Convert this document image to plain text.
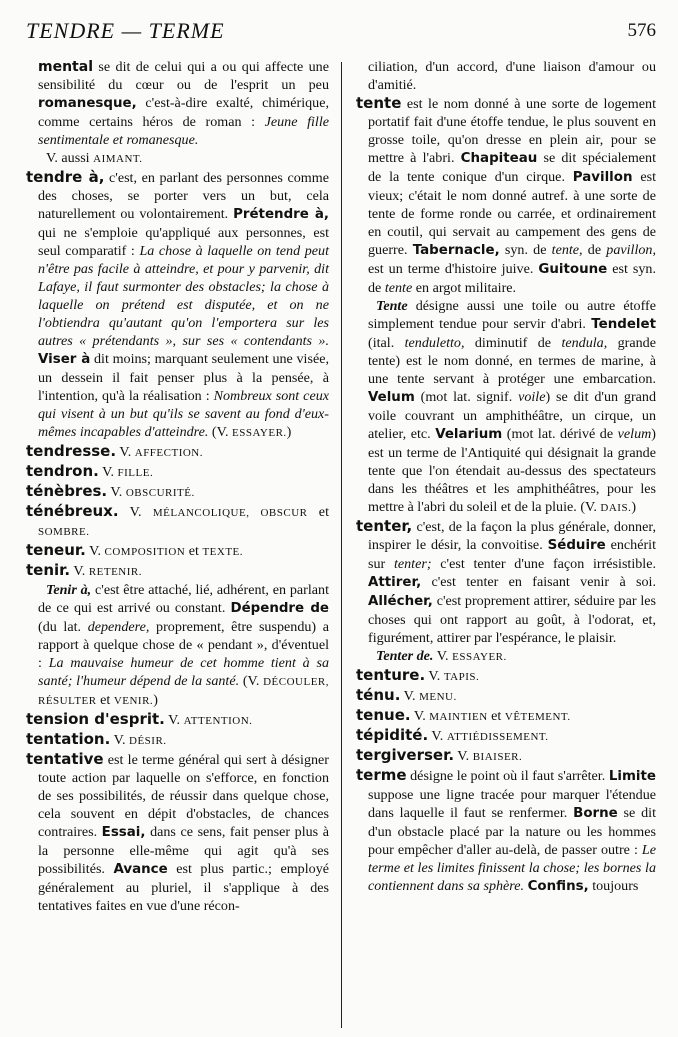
TENDRE — TERME	576

mental se dit de celui qui a ou qui affecte une sensibilité du cœur ou de l'esprit un peu romanesque, c'est-à-dire exalté, chimérique, comme certains héros de roman : Jeune fille sentimentale et romanesque.

V. aussi AIMANT.

tendre à, c'est, en parlant des personnes comme des choses, se porter vers un but, cela naturellement ou volontairement. Prétendre à, qui ne s'emploie qu'appliqué aux personnes, est seul comparatif : La chose à laquelle on tend peut n'être pas facile à atteindre, et pour y parvenir, dit Lafaye, il faut surmonter des obstacles; la chose à laquelle on prétend est disputée, et on ne l'obtiendra qu'autant qu'on l'emportera sur les autres « prétendants », sur ses « contendants ». Viser à dit moins; marquant seulement une visée, un dessein il fait penser plus à la pensée, à l'intention, qu'à la réalisation : Nombreux sont ceux qui visent à un but qu'ils se savent au fond d'eux-mêmes incapables d'atteindre. (V. ESSAYER.)

tendresse. V. AFFECTION.

tendron. V. FILLE.

ténèbres. V. OBSCURITÉ.

ténébreux. V. MÉLANCOLIQUE, OBSCUR et SOMBRE.

teneur. V. COMPOSITION et TEXTE.

tenir. V. RETENIR.

Tenir à, c'est être attaché, lié, adhérent, en parlant de ce qui est arrivé ou constant. Dépendre de (du lat. dependere, proprement, être suspendu) a rapport à quelque chose de « pendant », d'éventuel : La mauvaise humeur de cet homme tient à sa santé; l'humeur dépend de la santé. (V. DÉCOULER, RÉSULTER et VENIR.)

tension d'esprit. V. ATTENTION.

tentation. V. DÉSIR.

tentative est le terme général qui sert à désigner toute action par laquelle on s'efforce, en fonction de ses possibilités, de réussir dans quelque chose, cela souvent en dépit d'obstacles, de chances contraires. Essai, dans ce sens, fait penser plus à la personne elle-même qui agit qu'à ses possibilités. Avance est plus partic.; employé généralement au pluriel, il s'applique à des tentatives faites en vue d'une récon-

ciliation, d'un accord, d'une liaison d'amour ou d'amitié.

tente est le nom donné à une sorte de logement portatif fait d'une étoffe tendue, le plus souvent en grosse toile, qu'on dresse en plein air, pour se mettre à l'abri. Chapiteau se dit spécialement de la tente conique d'un cirque. Pavillon est vieux; c'était le nom donné autref. à une sorte de tente de forme ronde ou carrée, et ordinairement en coutil, qui servait au campement des gens de guerre. Tabernacle, syn. de tente, de pavillon, est un terme d'histoire juive. Guitoune est syn. de tente en argot militaire.

Tente désigne aussi une toile ou autre étoffe simplement tendue pour servir d'abri. Tendelet (ital. tenduletto, diminutif de tendula, grande tente) est le nom donné, en termes de marine, à une tente servant à protéger une embarcation. Velum (mot lat. signif. voile) se dit d'un grand voile couvrant un amphithéâtre, un cirque, un atelier, etc. Velarium (mot lat. dérivé de velum) est un terme de l'Antiquité qui désignait la grande tente que l'on étendait au-dessus des spectateurs dans les théâtres et les amphithéâtres, pour les mettre à l'abri du soleil et de la pluie. (V. DAIS.)

tenter, c'est, de la façon la plus générale, donner, inspirer le désir, la convoitise. Séduire enchérit sur tenter; c'est tenter d'une façon irrésistible. Attirer, c'est tenter en faisant venir à soi. Allécher, c'est proprement attirer, séduire par les choses qui ont rapport au goût, à l'odorat, et, figurément, attirer par l'espérance, le plaisir.

Tenter de. V. ESSAYER.

tenture. V. TAPIS.

ténu. V. MENU.

tenue. V. MAINTIEN et VÊTEMENT.

tépidité. V. ATTIÉDISSEMENT.

tergiverser. V. BIAISER.

terme désigne le point où il faut s'arrêter. Limite suppose une ligne tracée pour marquer l'étendue dans laquelle il faut se renfermer. Borne se dit d'un obstacle placé par la nature ou les hommes pour empêcher d'aller au-delà, de passer outre : Le terme et les limites finissent la chose; les bornes la contiennent dans sa sphère. Confins, toujours
